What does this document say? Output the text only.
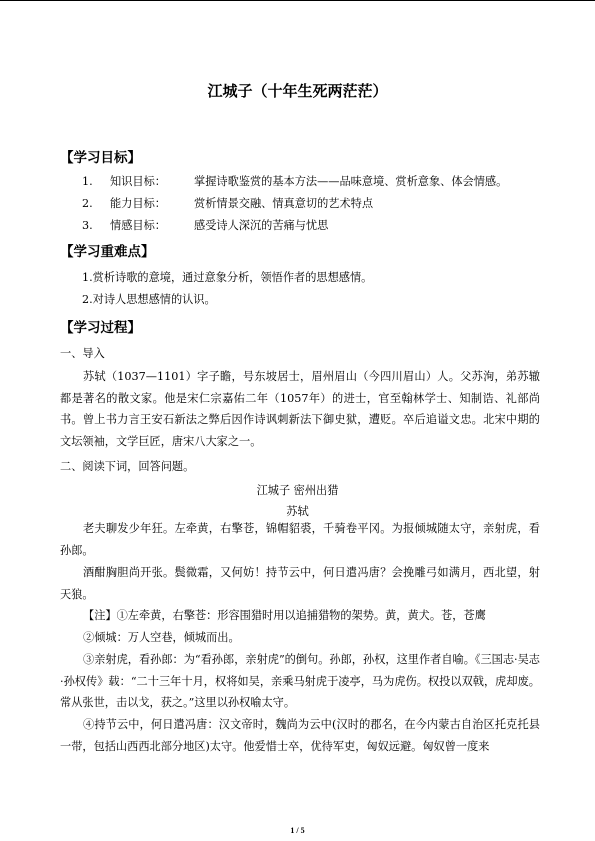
江城子（十年生死两茫茫）
【学习目标】
1. 知识目标：	掌握诗歌鉴赏的基本方法——品味意境、赏析意象、体会情感。
2. 能力目标：	赏析情景交融、情真意切的艺术特点
3. 情感目标：	感受诗人深沉的苦痛与忧思
【学习重难点】
1.赏析诗歌的意境，通过意象分析，领悟作者的思想感情。
2.对诗人思想感情的认识。
【学习过程】
一、导入
苏轼（1037—1101）字子瞻，号东坡居士，眉州眉山（今四川眉山）人。父苏洵，弟苏辙都是著名的散文家。他是宋仁宗嘉佑二年（1057年）的进士，官至翰林学士、知制诰、礼部尚书。曾上书力言王安石新法之弊后因作诗讽刺新法下御史狱，遭贬。卒后追谥文忠。北宋中期的文坛领袖，文学巨匠，唐宋八大家之一。
二、阅读下词，回答问题。
江城子 密州出猎
苏轼
老夫聊发少年狂。左牵黄，右擎苍，锦帽貂裘，千骑卷平冈。为报倾城随太守，亲射虎，看孙郎。
酒酣胸胆尚开张。鬓微霜，又何妨！持节云中，何日遣冯唐？会挽雕弓如满月，西北望，射天狼。
【注】①左牵黄，右擎苍：形容围猎时用以追捕猎物的架势。黄，黄犬。苍，苍鹰
②倾城：万人空巷，倾城而出。
③亲射虎，看孙郎：为“看孙郎，亲射虎”的倒句。孙郎，孙权，这里作者自喻。《三国志·吴志·孙权传》载：“二十三年十月，权将如吴，亲乘马射虎于凌亭，马为虎伤。权投以双戟，虎却废。常从张世，击以戈，获之。”这里以孙权喻太守。
④持节云中，何日遣冯唐：汉文帝时，魏尚为云中(汉时的郡名，在今内蒙古自治区托克托县一带，包括山西西北部分地区)太守。他爱惜士卒，优待军吏，匈奴远避。匈奴曾一度来
1 / 5
